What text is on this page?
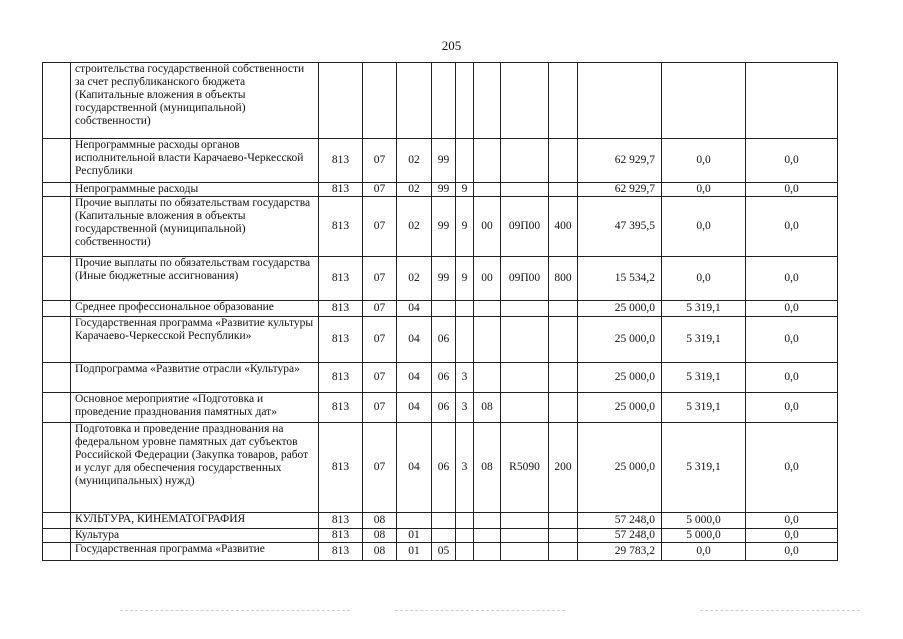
205
	строительства государственной собственности за счет республиканского бюджета (Капитальные вложения в объекты государственной (муниципальной) собственности)											
	Непрограммные расходы органов исполнительной власти Карачаево-Черкесской Республики	813	07	02	99					62 929,7	0,0	0,0
	Непрограммные расходы	813	07	02	99	9				62 929,7	0,0	0,0
	Прочие выплаты по обязательствам государства (Капитальные вложения в объекты государственной (муниципальной) собственности)	813	07	02	99	9	00	09П00	400	47 395,5	0,0	0,0
	Прочие выплаты по обязательствам государства (Иные бюджетные ассигнования)	813	07	02	99	9	00	09П00	800	15 534,2	0,0	0,0
	Среднее профессиональное образование	813	07	04						25 000,0	5 319,1	0,0
	Государственная программа «Развитие культуры Карачаево-Черкесской Республики»	813	07	04	06					25 000,0	5 319,1	0,0
	Подпрограмма «Развитие отрасли «Культура»	813	07	04	06	3				25 000,0	5 319,1	0,0
	Основное мероприятие «Подготовка и проведение празднования памятных дат»	813	07	04	06	3	08			25 000,0	5 319,1	0,0
	Подготовка и проведение празднования на федеральном уровне памятных дат субъектов Российской Федерации (Закупка товаров, работ и услуг для обеспечения государственных (муниципальных) нужд)	813	07	04	06	3	08	R5090	200	25 000,0	5 319,1	0,0
	КУЛЬТУРА, КИНЕМАТОГРАФИЯ	813	08							57 248,0	5 000,0	0,0
	Культура	813	08	01						57 248,0	5 000,0	0,0
	Государственная программа «Развитие	813	08	01	05					29 783,2	0,0	0,0
